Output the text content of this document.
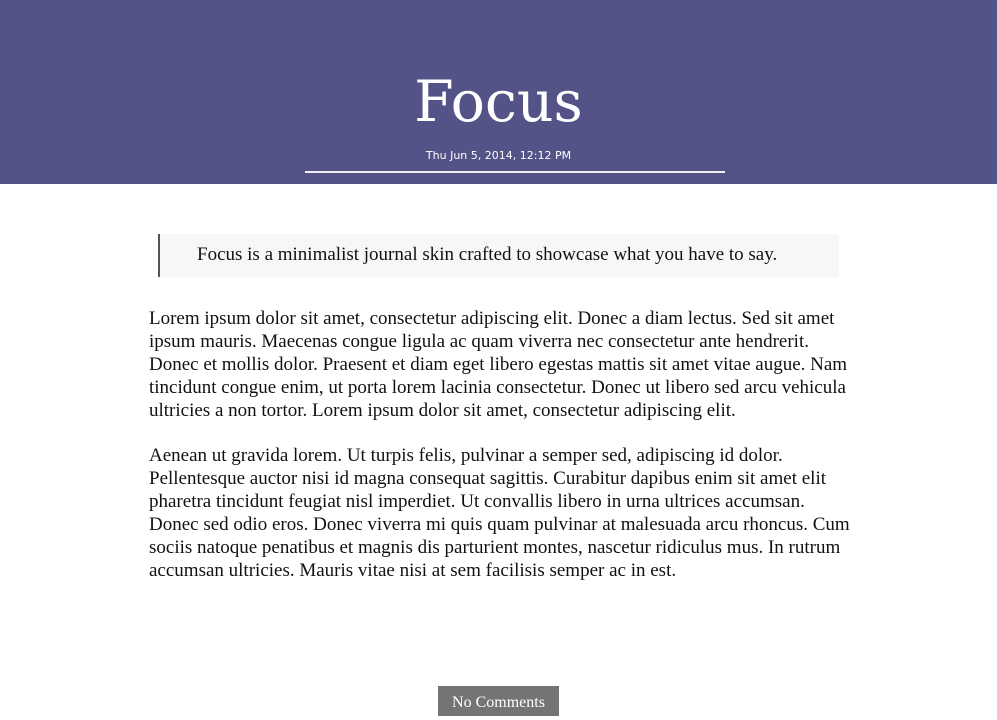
Focus
Thu Jun 5, 2014, 12:12 PM
Focus is a minimalist journal skin crafted to showcase what you have to say.

Lorem ipsum dolor sit amet, consectetur adipiscing elit. Donec a diam lectus. Sed sit amet ipsum mauris. Maecenas congue ligula ac quam viverra nec consectetur ante hendrerit. Donec et mollis dolor. Praesent et diam eget libero egestas mattis sit amet vitae augue. Nam tincidunt congue enim, ut porta lorem lacinia consectetur. Donec ut libero sed arcu vehicula ultricies a non tortor. Lorem ipsum dolor sit amet, consectetur adipiscing elit.

Aenean ut gravida lorem. Ut turpis felis, pulvinar a semper sed, adipiscing id dolor. Pellentesque auctor nisi id magna consequat sagittis. Curabitur dapibus enim sit amet elit pharetra tincidunt feugiat nisl imperdiet. Ut convallis libero in urna ultrices accumsan. Donec sed odio eros. Donec viverra mi quis quam pulvinar at malesuada arcu rhoncus. Cum sociis natoque penatibus et magnis dis parturient montes, nascetur ridiculus mus. In rutrum accumsan ultricies. Mauris vitae nisi at sem facilisis semper ac in est.

No Comments
